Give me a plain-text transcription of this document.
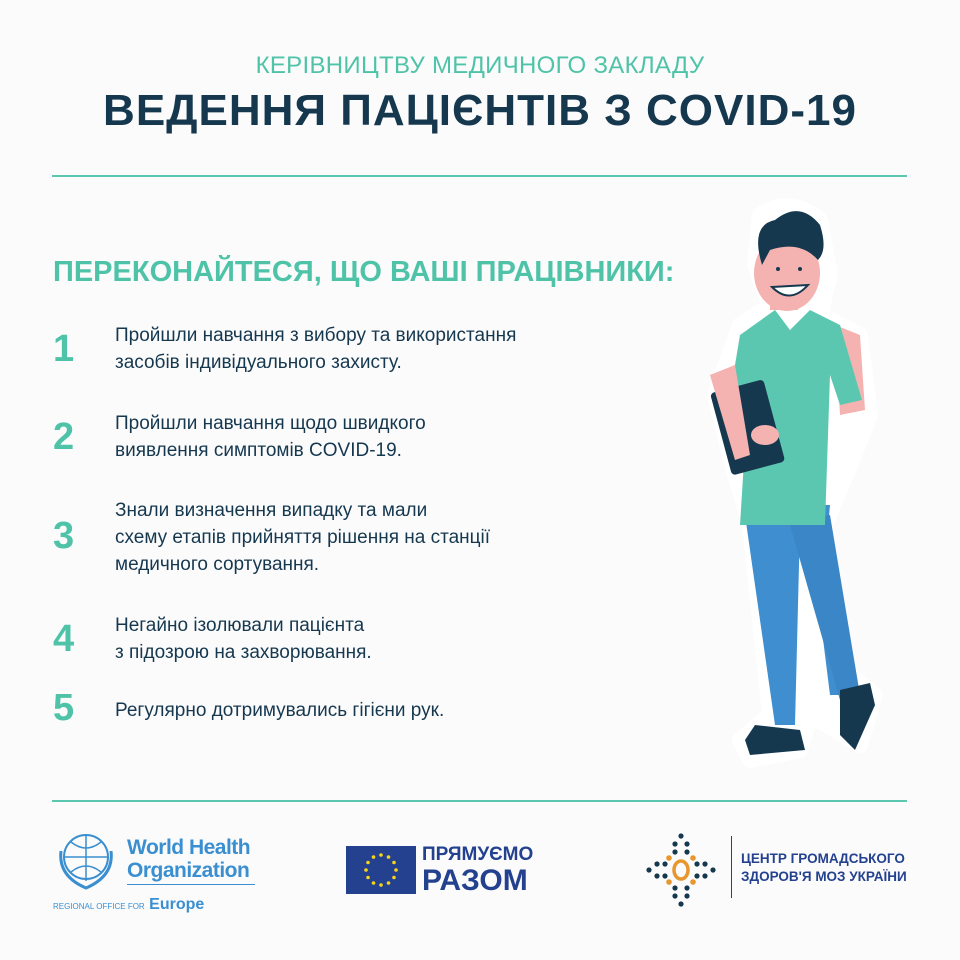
КЕРІВНИЦТВУ МЕДИЧНОГО ЗАКЛАДУ
ВЕДЕННЯ ПАЦІЄНТІВ З COVID-19
ПЕРЕКОНАЙТЕСЯ, ЩО ВАШІ ПРАЦІВНИКИ:
1 Пройшли навчання з вибору та використання
засобів індивідуального захисту.
2 Пройшли навчання щодо швидкого
виявлення симптомів COVID-19.
3
Знали визначення випадку та мали
схему етапів прийняття рішення на станції
медичного сортування.
4 Негайно ізолювали пацієнта
з підозрою на захворювання.
5 Регулярно дотримувались гігієни рук.
World Health
Organization
REGIONAL OFFICE FOR Europe
ПРЯМУЄМО
РАЗОМ
ЦЕНТР ГРОМАДСЬКОГО
ЗДОРОВ'Я МОЗ УКРАЇНИ
